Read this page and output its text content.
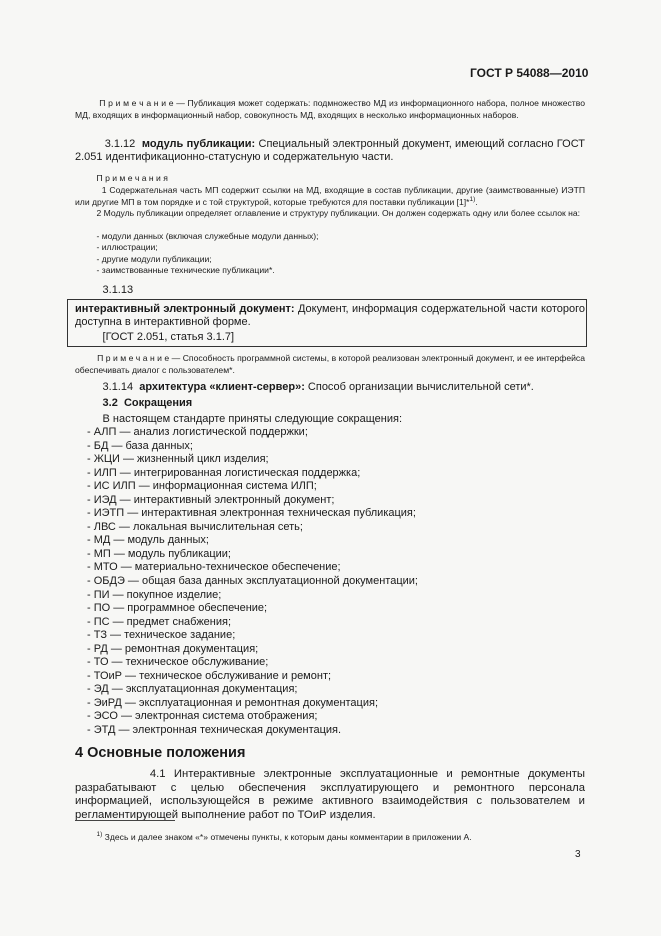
ГОСТ Р 54088—2010

П р и м е ч а н и е — Публикация может содержать: подмножество МД из информационного набора, полное множество МД, входящих в информационный набор, совокупность МД, входящих в несколько информационных наборов.

3.1.12 модуль публикации: Специальный электронный документ, имеющий согласно ГОСТ 2.051 идентификационно-статусную и содержательную части.

П р и м е ч а н и я

1 Содержательная часть МП содержит ссылки на МД, входящие в состав публикации, другие (заимствованные) ИЭТП или другие МП в том порядке и с той структурой, которые требуются для поставки публикации [1]*$^{1)}$.

2 Модуль публикации определяет оглавление и структуру публикации. Он должен содержать одну или более ссылок на:

- модули данных (включая служебные модули данных);

- иллюстрации;

- другие модули публикации;

- заимствованные технические публикации*.

3.1.13

интерактивный электронный документ: Документ, информация содержательной части которого доступна в интерактивной форме.

[ГОСТ 2.051, статья 3.1.7]

П р и м е ч а н и е — Способность программной системы, в которой реализован электронный документ, и ее интерфейса обеспечивать диалог с пользователем*.

3.1.14 архитектура «клиент-сервер»: Способ организации вычислительной сети*.

3.2 Сокращения

В настоящем стандарте приняты следующие сокращения:

- АЛП — анализ логистической поддержки;
- БД — база данных;
- ЖЦИ — жизненный цикл изделия;
- ИЛП — интегрированная логистическая поддержка;
- ИС ИЛП — информационная система ИЛП;
- ИЭД — интерактивный электронный документ;
- ИЭТП — интерактивная электронная техническая публикация;
- ЛВС — локальная вычислительная сеть;
- МД — модуль данных;
- МП — модуль публикации;
- МТО — материально-техническое обеспечение;
- ОБДЭ — общая база данных эксплуатационной документации;
- ПИ — покупное изделие;
- ПО — программное обеспечение;
- ПС — предмет снабжения;
- ТЗ — техническое задание;
- РД — ремонтная документация;
- ТО — техническое обслуживание;
- ТОиР — техническое обслуживание и ремонт;
- ЭД — эксплуатационная документация;
- ЭиРД — эксплуатационная и ремонтная документация;
- ЭСО — электронная система отображения;
- ЭТД — электронная техническая документация.
4 Основные положения

4.1 Интерактивные электронные эксплуатационные и ремонтные документы разрабатывают с целью обеспечения эксплуатирующего и ремонтного персонала информацией, использующейся в режиме активного взаимодействия с пользователем и регламентирующей выполнение работ по ТОиР изделия.

$^{1)}$ Здесь и далее знаком «*» отмечены пункты, к которым даны комментарии в приложении А.

3
